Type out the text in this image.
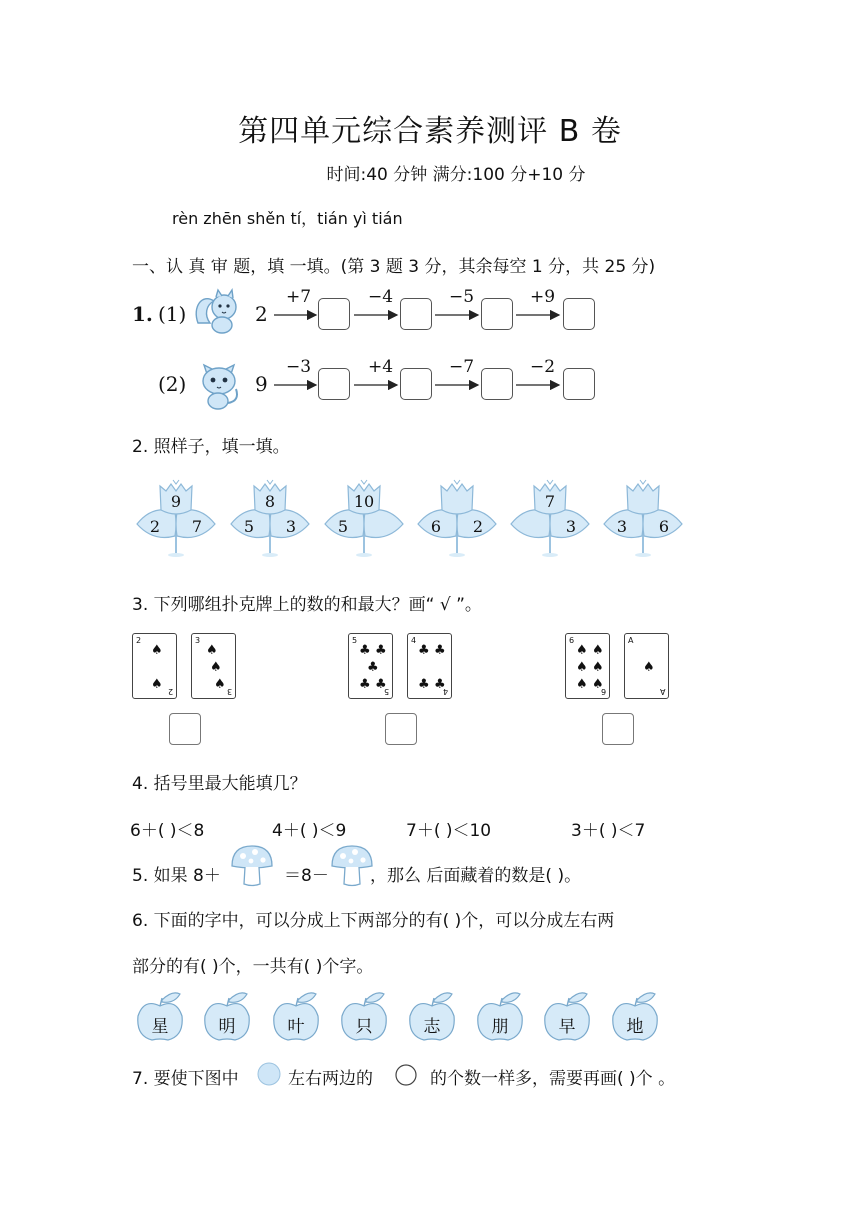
第四单元综合素养测评 B 卷
时间:40 分钟 满分:100 分+10 分
rèn zhēn shěn tí，tián yì tián
一、认 真 审 题，填 一填。(第 3 题 3 分，其余每空 1 分，共 25 分)
1. (1)	2
(2)	9
+7	−4	−5	+9
−3	+4	−7	−2
2. 照样子，填一填。
9
2	7
8
5	3
10
5	6	2
7
3	3	6
3. 下列哪组扑克牌上的数的和最大？画“ √ ”。
2
2
♠
♠
3
3
♠
♠
♠
5
5
♣ ♣
♣
♣ ♣
4
4
♣ ♣
♣ ♣
6
6
♠ ♠
♠ ♠
♠ ♠
A
A
♠
4. 括号里最大能填几？
6＋( )＜8	4＋( )＜9	7＋( )＜10	3＋( )＜7
5. 如果 8＋	＝8－ ，那么 后面藏着的数是( )。
6. 下面的字中，可以分成上下两部分的有( )个，可以分成左右两
部分的有( )个，一共有( )个字。
星	明	叶	只	志	朋	早	地
7. 要使下图中	左右两边的	的个数一样多，需要再画( )个 。
